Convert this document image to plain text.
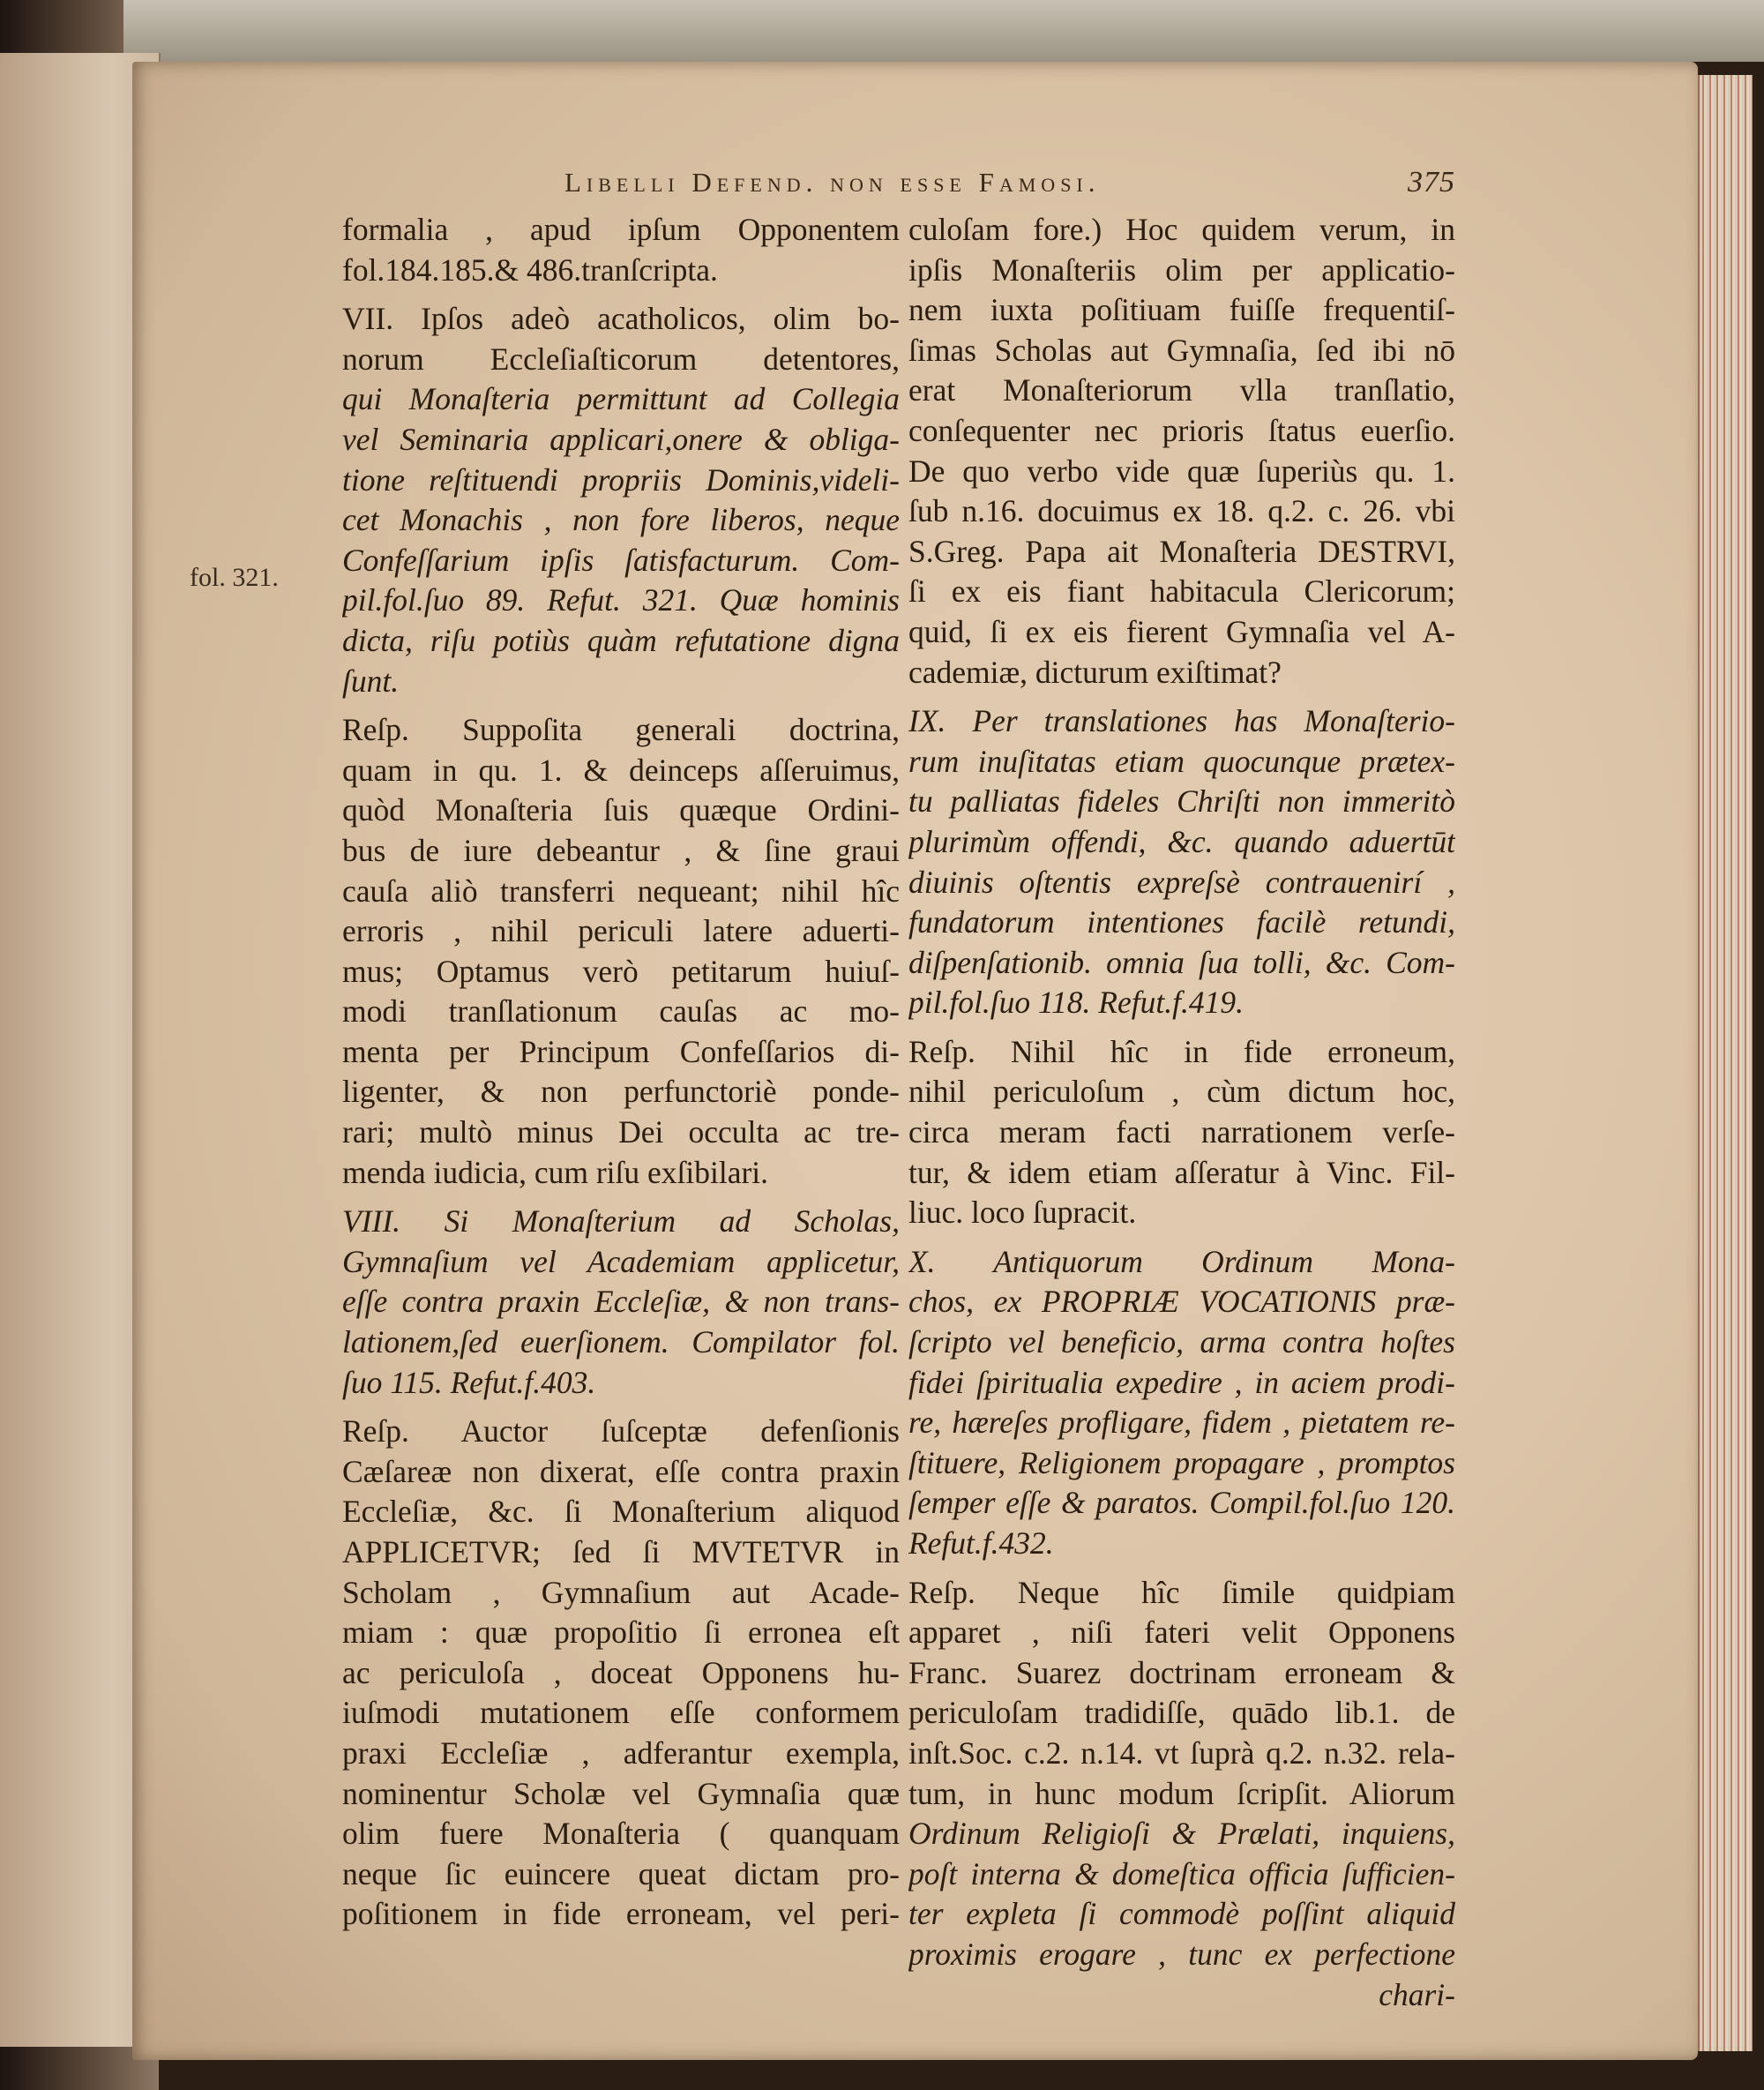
fol. 321.
Libelli Defend. non esse Famosi.	375
formalia , apud ipſum Opponentem
fol.184.185.& 486.tranſcripta.
VII. Ipſos adeò acatholicos, olim bo-
norum Eccleſiaſticorum detentores,
qui Monaſteria permittunt ad Collegia
vel Seminaria applicari,onere & obliga-
tione reſtituendi propriis Dominis,videli-
cet Monachis , non fore liberos, neque
Confeſſarium ipſis ſatisfacturum. Com-
pil.fol.ſuo 89. Refut. 321. Quæ hominis
dicta, riſu potiùs quàm refutatione digna
ſunt.
Reſp. Suppoſita generali doctrina,
quam in qu. 1. & deinceps aſſeruimus,
quòd Monaſteria ſuis quæque Ordini-
bus de iure debeantur , & ſine graui
cauſa aliò transferri nequeant; nihil hîc
erroris , nihil periculi latere aduerti-
mus; Optamus verò petitarum huiuſ-
modi tranſlationum cauſas ac mo-
menta per Principum Confeſſarios di-
ligenter, & non perfunctoriè ponde-
rari; multò minus Dei occulta ac tre-
menda iudicia, cum riſu exſibilari.
VIII. Si Monaſterium ad Scholas,
Gymnaſium vel Academiam applicetur,
eſſe contra praxin Eccleſiæ, & non trans-
lationem,ſed euerſionem. Compilator fol.
ſuo 115. Refut.f.403.
Reſp. Auctor ſuſceptæ defenſionis
Cæſareæ non dixerat, eſſe contra praxin
Eccleſiæ, &c. ſi Monaſterium aliquod
APPLICETVR; ſed ſi MVTETVR in
Scholam , Gymnaſium aut Acade-
miam : quæ propoſitio ſi erronea eſt
ac periculoſa , doceat Opponens hu-
iuſmodi mutationem eſſe conformem
praxi Eccleſiæ , adferantur exempla,
nominentur Scholæ vel Gymnaſia quæ
olim fuere Monaſteria ( quanquam
neque ſic euincere queat dictam pro-
poſitionem in fide erroneam, vel peri-
culoſam fore.) Hoc quidem verum, in
ipſis Monaſteriis olim per applicatio-
nem iuxta poſitiuam fuiſſe frequentiſ-
ſimas Scholas aut Gymnaſia, ſed ibi nō
erat Monaſteriorum vlla tranſlatio,
conſequenter nec prioris ſtatus euerſio.
De quo verbo vide quæ ſuperiùs qu. 1.
ſub n.16. docuimus ex 18. q.2. c. 26. vbi
S.Greg. Papa ait Monaſteria DESTRVI,
ſi ex eis fiant habitacula Clericorum;
quid, ſi ex eis fierent Gymnaſia vel A-
cademiæ, dicturum exiſtimat?
IX. Per translationes has Monaſterio-
rum inuſitatas etiam quocunque prætex-
tu palliatas fideles Chriſti non immeritò
plurimùm offendi, &c. quando aduertūt
diuinis oſtentis expreſsè contrauenirí ,
fundatorum intentiones facilè retundi,
diſpenſationib. omnia ſua tolli, &c. Com-
pil.fol.ſuo 118. Refut.f.419.
Reſp. Nihil hîc in fide erroneum,
nihil periculoſum , cùm dictum hoc,
circa meram facti narrationem verſe-
tur, & idem etiam aſſeratur à Vinc. Fil-
liuc. loco ſupracit.
X. Antiquorum Ordinum Mona-
chos, ex PROPRIÆ VOCATIONIS præ-
ſcripto vel beneficio, arma contra hoſtes
fidei ſpiritualia expedire , in aciem prodi-
re, hæreſes profligare, fidem , pietatem re-
ſtituere, Religionem propagare , promptos
ſemper eſſe & paratos. Compil.fol.ſuo 120.
Refut.f.432.
Reſp. Neque hîc ſimile quidpiam
apparet , niſi fateri velit Opponens
Franc. Suarez doctrinam erroneam &
periculoſam tradidiſſe, quādo lib.1. de
inſt.Soc. c.2. n.14. vt ſuprà q.2. n.32. rela-
tum, in hunc modum ſcripſit. Aliorum
Ordinum Religioſi & Prælati, inquiens,
poſt interna & domeſtica officia ſufficien-
ter expleta ſi commodè poſſint aliquid
proximis erogare , tunc ex perfectione
chari-
